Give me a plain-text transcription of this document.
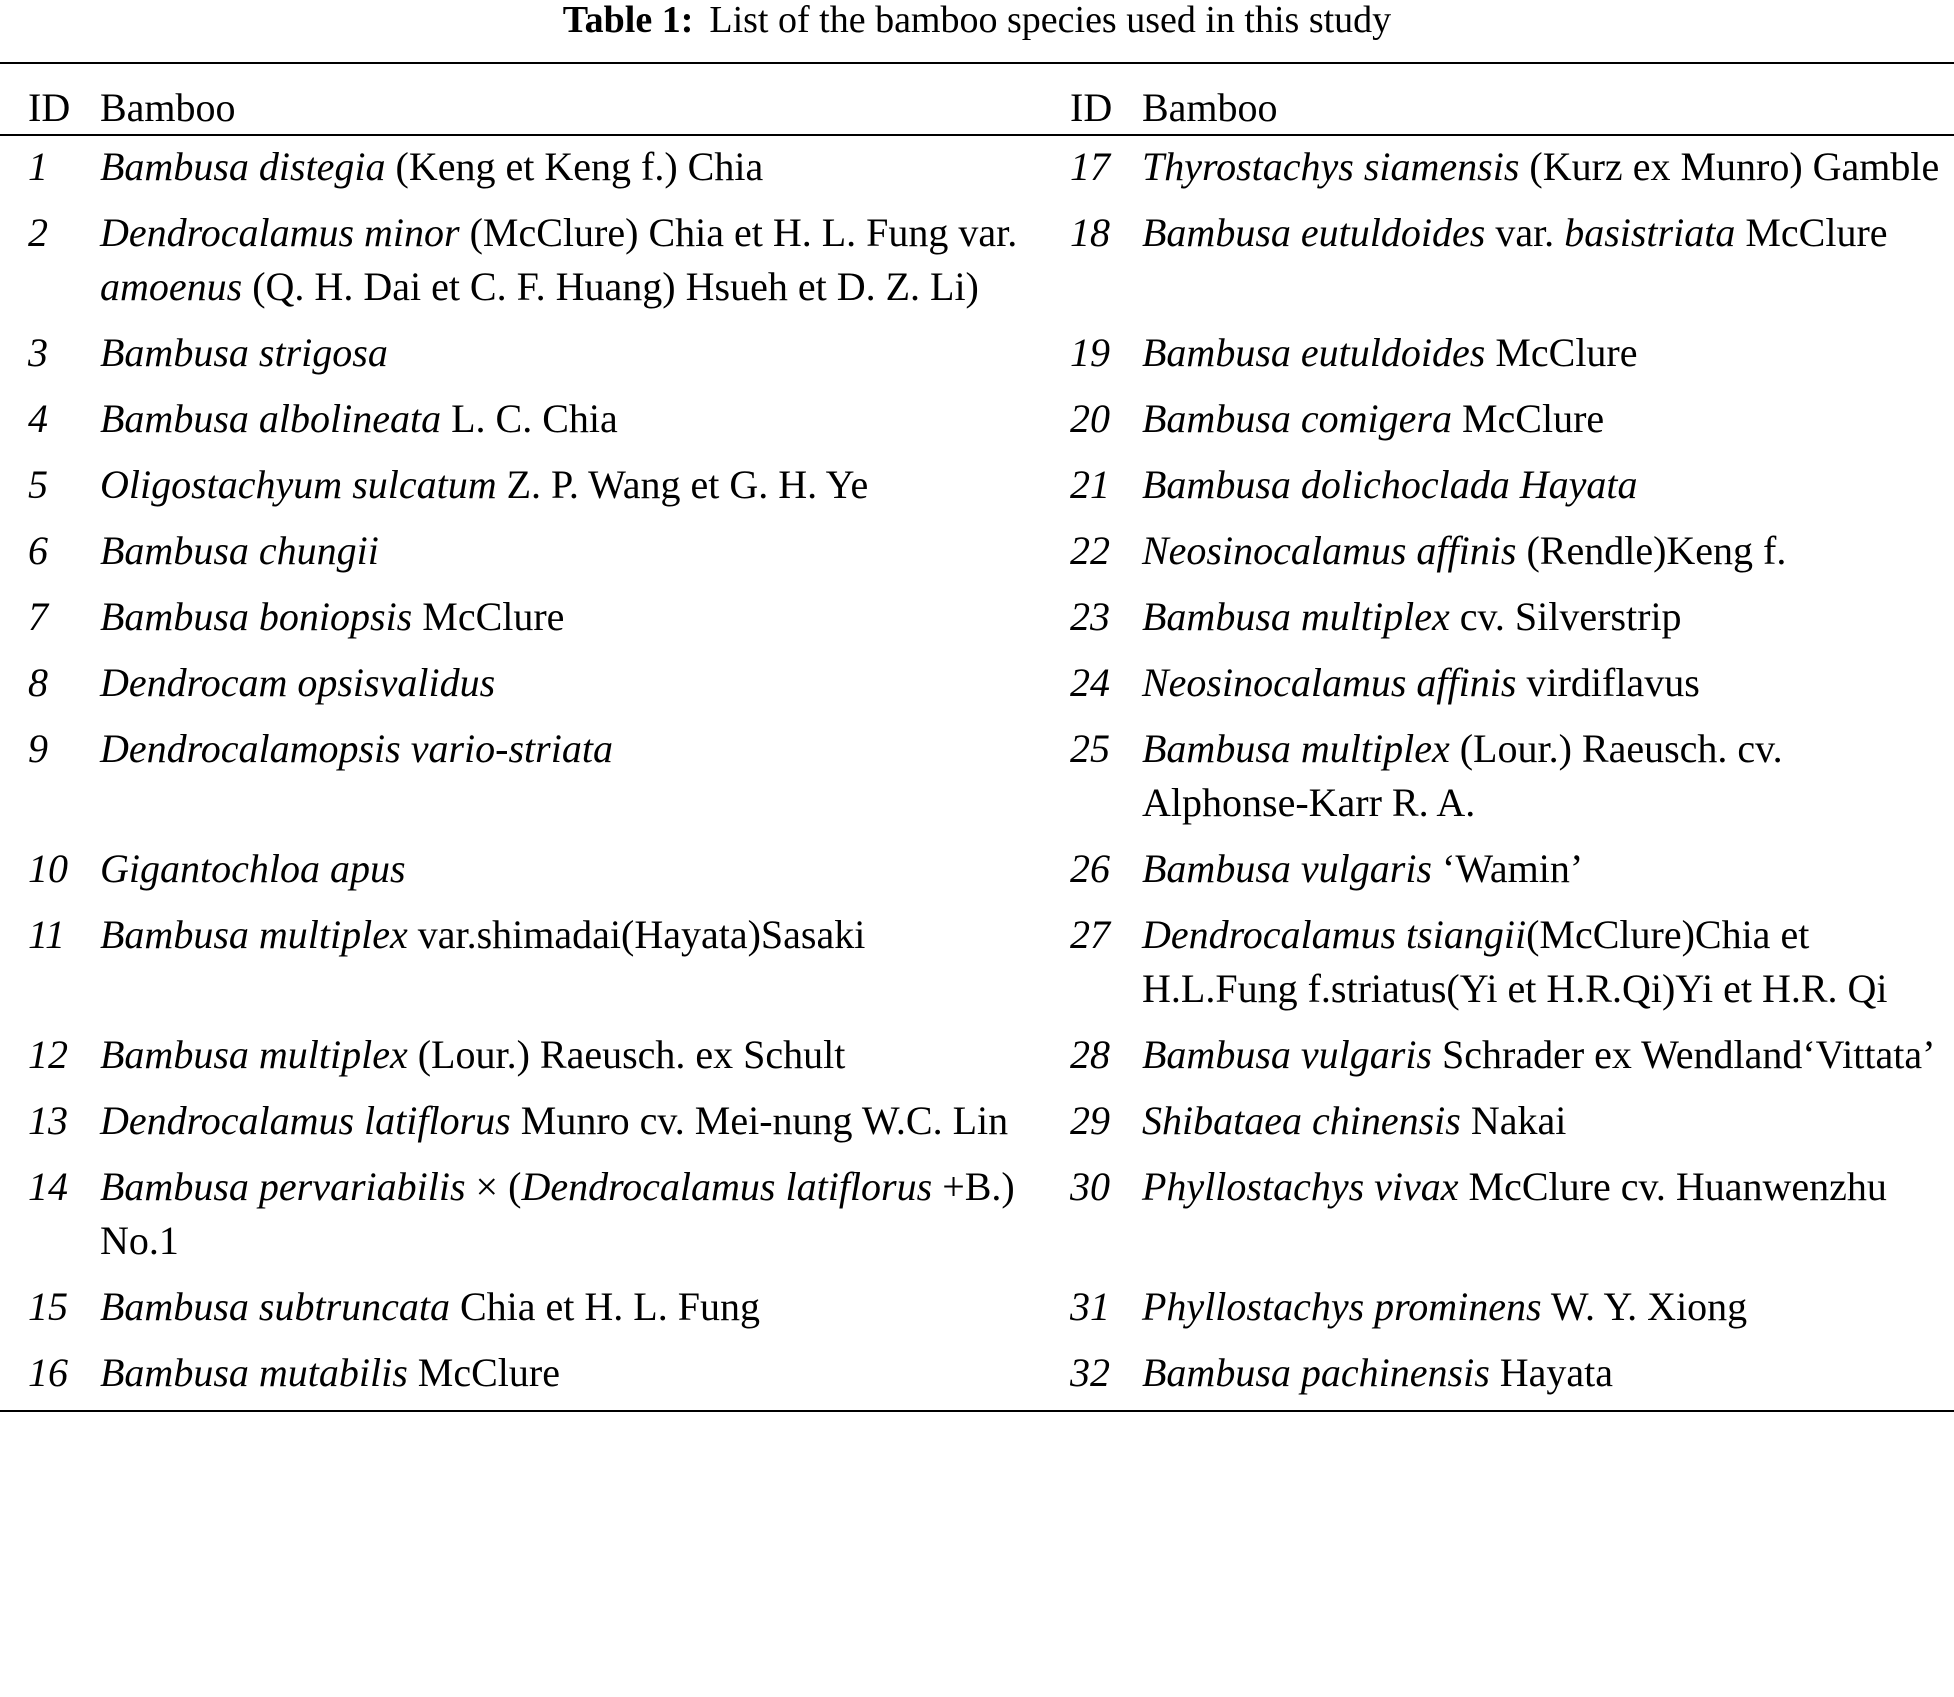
Table 1: List of the bamboo species used in this study
ID	Bamboo	ID	Bamboo
1	Bambusa distegia (Keng et Keng f.) Chia	17	Thyrostachys siamensis (Kurz ex Munro) Gamble
2	Dendrocalamus minor (McClure) Chia et H. L. Fung var. amoenus (Q. H. Dai et C. F. Huang) Hsueh et D. Z. Li)	18	Bambusa eutuldoides var. basistriata McClure
3	Bambusa strigosa	19	Bambusa eutuldoides McClure
4	Bambusa albolineata L. C. Chia	20	Bambusa comigera McClure
5	Oligostachyum sulcatum Z. P. Wang et G. H. Ye	21	Bambusa dolichoclada Hayata
6	Bambusa chungii	22	Neosinocalamus affinis (Rendle)Keng f.
7	Bambusa boniopsis McClure	23	Bambusa multiplex cv. Silverstrip
8	Dendrocam opsisvalidus	24	Neosinocalamus affinis virdiflavus
9	Dendrocalamopsis vario-striata	25	Bambusa multiplex (Lour.) Raeusch. cv. Alphonse-Karr R. A.
10	Gigantochloa apus	26	Bambusa vulgaris ‘Wamin’
11	Bambusa multiplex var.shimadai(Hayata)Sasaki	27	Dendrocalamus tsiangii(McClure)Chia et H.L.Fung f.striatus(Yi et H.R.Qi)Yi et H.R. Qi
12	Bambusa multiplex (Lour.) Raeusch. ex Schult	28	Bambusa vulgaris Schrader ex Wendland‘Vittata’
13	Dendrocalamus latiflorus Munro cv. Mei-nung W.C. Lin	29	Shibataea chinensis Nakai
14	Bambusa pervariabilis × (Dendrocalamus latiflorus +B.) No.1	30	Phyllostachys vivax McClure cv. Huanwenzhu
15	Bambusa subtruncata Chia et H. L. Fung	31	Phyllostachys prominens W. Y. Xiong
16	Bambusa mutabilis McClure	32	Bambusa pachinensis Hayata
